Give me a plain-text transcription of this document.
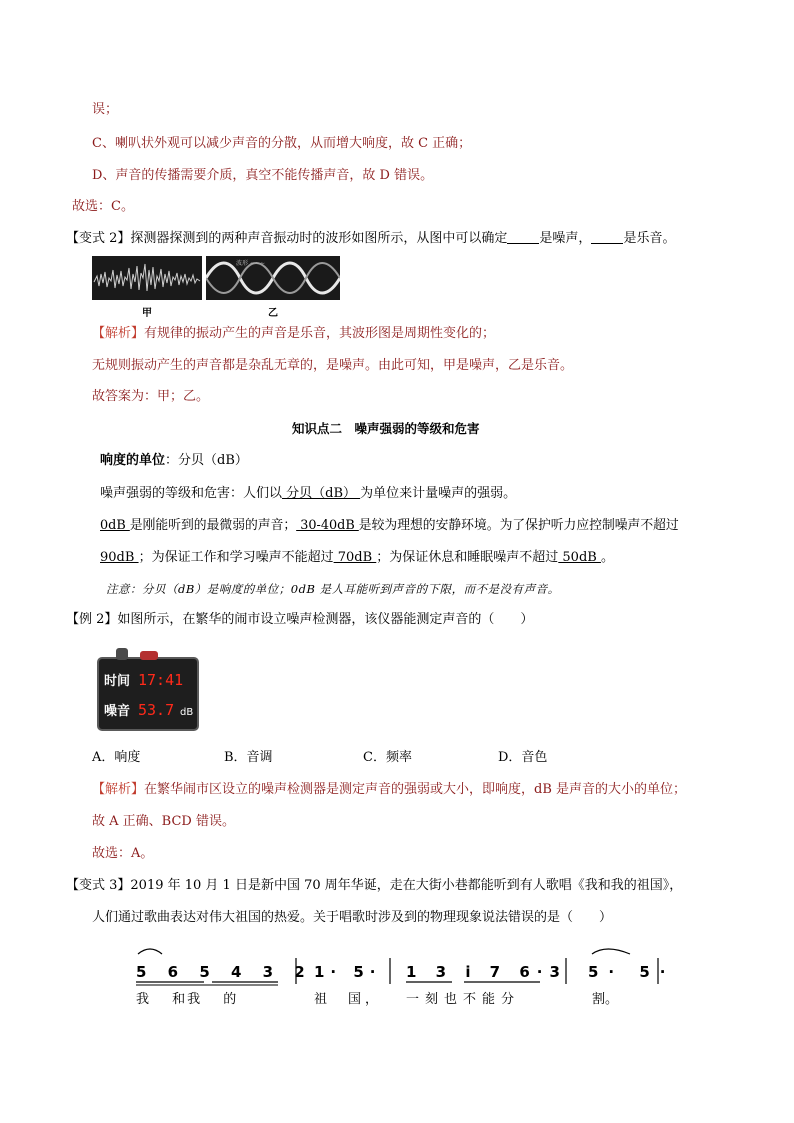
误；
C、喇叭状外观可以减少声音的分散，从而增大响度，故 C 正确；
D、声音的传播需要介质，真空不能传播声音，故 D 错误。
故选：C。
【变式 2】探测器探测到的两种声音振动时的波形如图所示，从图中可以确定 是噪声， 是乐音。
波形 ∼∼∼
甲	乙
【解析】有规律的振动产生的声音是乐音，其波形图是周期性变化的；
无规则振动产生的声音都是杂乱无章的，是噪声。由此可知，甲是噪声，乙是乐音。
故答案为：甲；乙。
知识点二　噪声强弱的等级和危害
响度的单位：分贝（dB）
噪声强弱的等级和危害：人们以 分贝（dB） 为单位来计量噪声的强弱。
0dB 是刚能听到的最微弱的声音； 30-40dB 是较为理想的安静环境。为了保护听力应控制噪声不超过
90dB ；为保证工作和学习噪声不能超过 70dB ；为保证休息和睡眠噪声不超过 50dB 。
注意：分贝（dB）是响度的单位；0dB 是人耳能听到声音的下限，而不是没有声音。
【例 2】如图所示，在繁华的闹市设立噪声检测器，该仪器能测定声音的（　　）
时间 17:41
噪音 53.7 dB
A．响度	B．音调	C．频率	D．音色
【解析】在繁华闹市区设立的噪声检测器是测定声音的强弱或大小，即响度，dB 是声音的大小的单位；
故 A 正确、BCD 错误。
故选：A。
【变式 3】2019 年 10 月 1 日是新中国 70 周年华诞，走在大街小巷都能听到有人歌唱《我和我的祖国》，
人们通过歌曲表达对伟大祖国的热爱。关于唱歌时涉及到的物理现象说法错误的是（　　）
5 6 5 4 3 2 1· 5· 1 3 i 7 6·3 5· 5·
我　 和我　 的	祖　国， 一刻也不能分	割。
